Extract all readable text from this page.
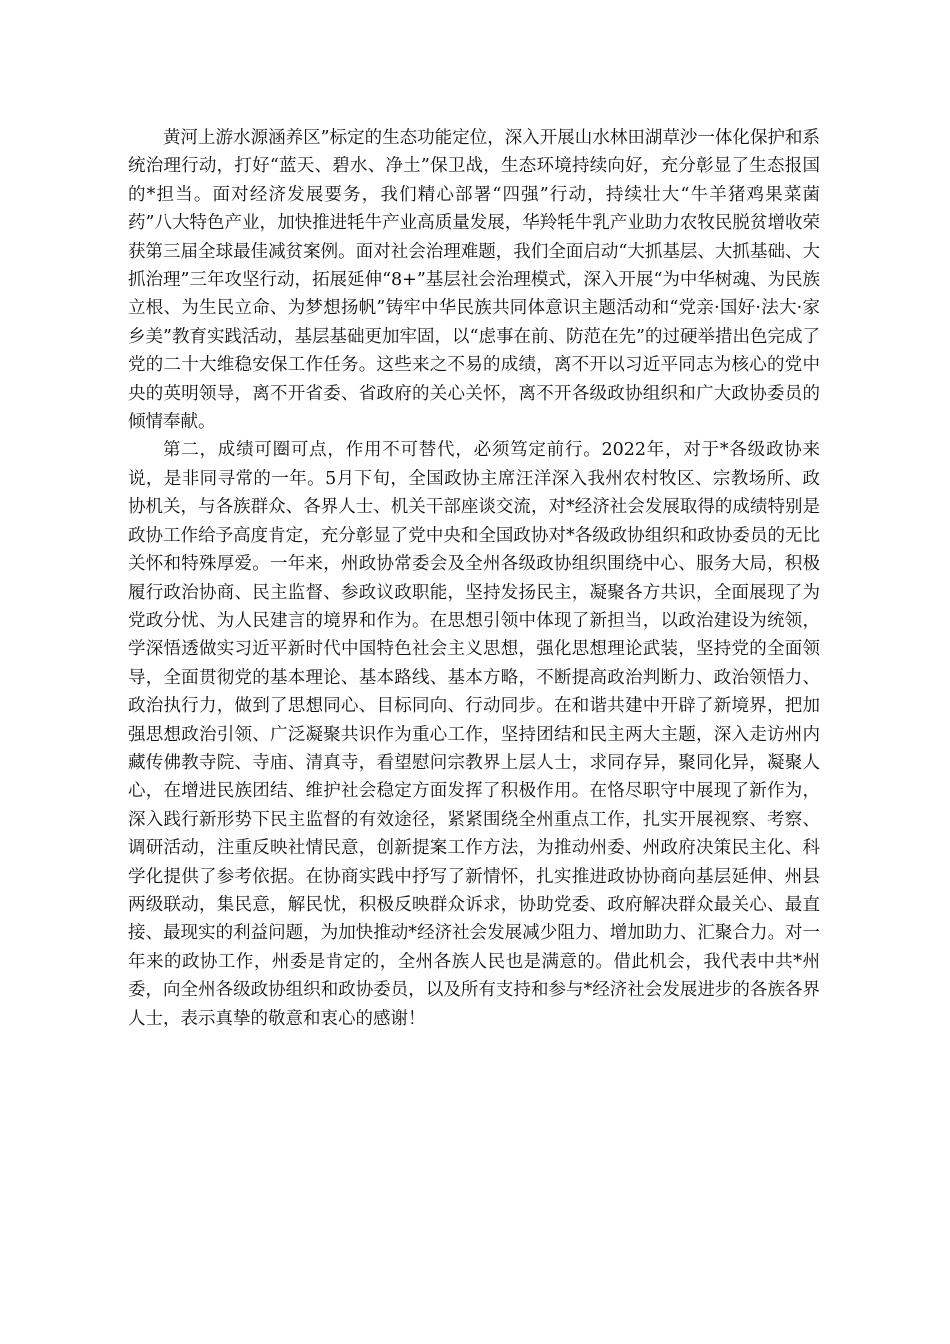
黄河上游水源涵养区”标定的生态功能定位，深入开展山水林田湖草沙一体化保护和系统治理行动，打好“蓝天、碧水、净土”保卫战，生态环境持续向好，充分彰显了生态报国的*担当。面对经济发展要务，我们精心部署“四强”行动，持续壮大“牛羊猪鸡果菜菌药”八大特色产业，加快推进牦牛产业高质量发展，华羚牦牛乳产业助力农牧民脱贫增收荣获第三届全球最佳减贫案例。面对社会治理难题，我们全面启动“大抓基层、大抓基础、大抓治理”三年攻坚行动，拓展延伸“8+”基层社会治理模式，深入开展“为中华树魂、为民族立根、为生民立命、为梦想扬帆”铸牢中华民族共同体意识主题活动和“党亲·国好·法大·家乡美”教育实践活动，基层基础更加牢固，以“虑事在前、防范在先”的过硬举措出色完成了党的二十大维稳安保工作任务。这些来之不易的成绩，离不开以习近平同志为核心的党中央的英明领导，离不开省委、省政府的关心关怀，离不开各级政协组织和广大政协委员的倾情奉献。

第二，成绩可圈可点，作用不可替代，必须笃定前行。2022年，对于*各级政协来说，是非同寻常的一年。5月下旬，全国政协主席汪洋深入我州农村牧区、宗教场所、政协机关，与各族群众、各界人士、机关干部座谈交流，对*经济社会发展取得的成绩特别是政协工作给予高度肯定，充分彰显了党中央和全国政协对*各级政协组织和政协委员的无比关怀和特殊厚爱。一年来，州政协常委会及全州各级政协组织围绕中心、服务大局，积极履行政治协商、民主监督、参政议政职能，坚持发扬民主，凝聚各方共识，全面展现了为党政分忧、为人民建言的境界和作为。在思想引领中体现了新担当，以政治建设为统领，学深悟透做实习近平新时代中国特色社会主义思想，强化思想理论武装，坚持党的全面领导，全面贯彻党的基本理论、基本路线、基本方略，不断提高政治判断力、政治领悟力、政治执行力，做到了思想同心、目标同向、行动同步。在和谐共建中开辟了新境界，把加强思想政治引领、广泛凝聚共识作为重心工作，坚持团结和民主两大主题，深入走访州内藏传佛教寺院、寺庙、清真寺，看望慰问宗教界上层人士，求同存异，聚同化异，凝聚人心，在增进民族团结、维护社会稳定方面发挥了积极作用。在恪尽职守中展现了新作为，深入践行新形势下民主监督的有效途径，紧紧围绕全州重点工作，扎实开展视察、考察、调研活动，注重反映社情民意，创新提案工作方法，为推动州委、州政府决策民主化、科学化提供了参考依据。在协商实践中抒写了新情怀，扎实推进政协协商向基层延伸、州县两级联动，集民意，解民忧，积极反映群众诉求，协助党委、政府解决群众最关心、最直接、最现实的利益问题，为加快推动*经济社会发展减少阻力、增加助力、汇聚合力。对一年来的政协工作，州委是肯定的，全州各族人民也是满意的。借此机会，我代表中共*州委，向全州各级政协组织和政协委员，以及所有支持和参与*经济社会发展进步的各族各界人士，表示真挚的敬意和衷心的感谢！
